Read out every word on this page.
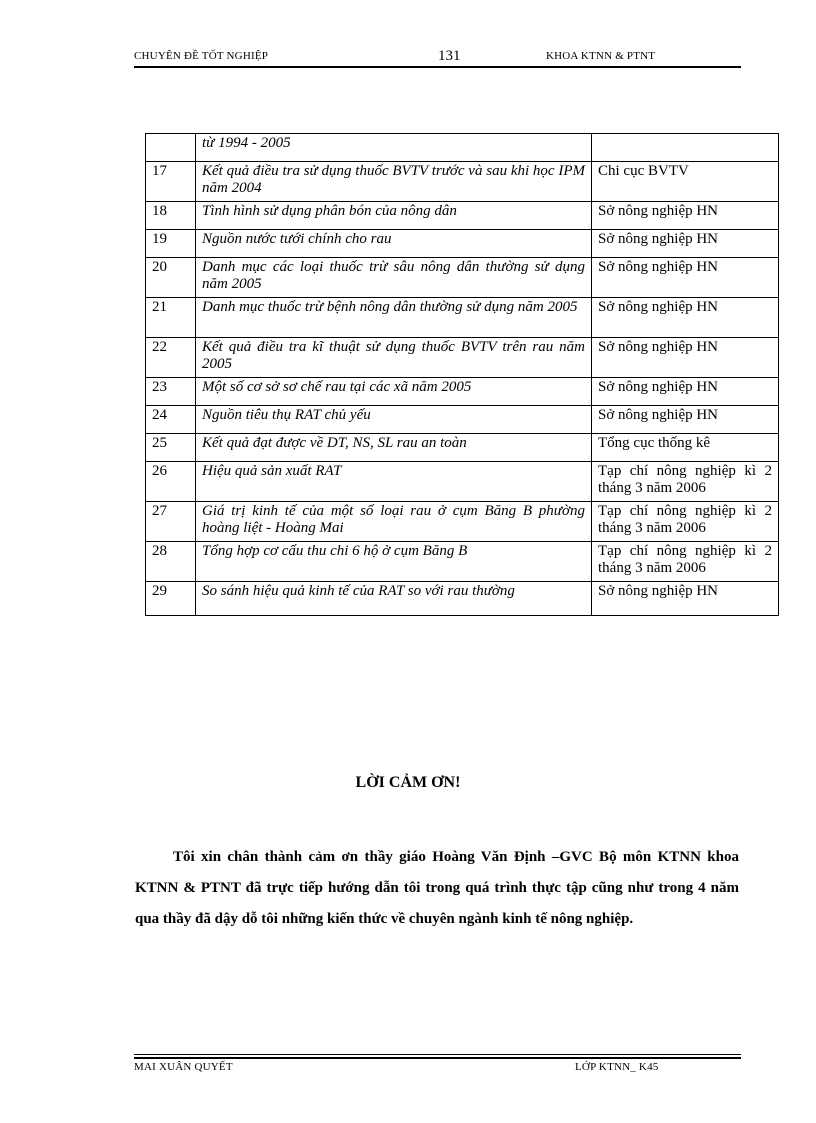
CHUYÊN ĐỀ TỐT NGHIỆP	131	KHOA KTNN & PTNT
	từ 1994 - 2005	
17	Kết quả điều tra sử dụng thuốc BVTV trước và sau khi học IPM năm 2004	Chi cục BVTV
18	Tình hình sử dụng phân bón của nông dân	Sở nông nghiệp HN
19	Nguồn nước tưới chính cho rau	Sở nông nghiệp HN
20	Danh mục các loại thuốc trừ sâu nông dân thường sử dụng năm 2005	Sở nông nghiệp HN
21	Danh mục thuốc trừ bệnh nông dân thường sử dụng năm 2005	Sở nông nghiệp HN
22	Kết quả điều tra kĩ thuật sử dụng thuốc BVTV trên rau năm 2005	Sở nông nghiệp HN
23	Một số cơ sở sơ chế rau tại các xã năm 2005	Sở nông nghiệp HN
24	Nguồn tiêu thụ RAT chủ yếu	Sở nông nghiệp HN
25	Kết quả đạt được về DT, NS, SL rau an toàn	Tổng cục thống kê
26	Hiệu quả sản xuất RAT	Tạp chí nông nghiệp kì 2 tháng 3 năm 2006
27	Giá trị kinh tế của một số loại rau ở cụm Băng B phường hoàng liệt - Hoàng Mai	Tạp chí nông nghiệp kì 2 tháng 3 năm 2006
28	Tổng hợp cơ cấu thu chi 6 hộ ở cụm Băng B	Tạp chí nông nghiệp kì 2 tháng 3 năm 2006
29	So sánh hiệu quả kinh tế của RAT so với rau thường	Sở nông nghiệp HN
LỜI CẢM ƠN!
Tôi xin chân thành cảm ơn thầy giáo Hoàng Văn Định –GVC Bộ môn KTNN khoa KTNN & PTNT đã trực tiếp hướng dẫn tôi trong quá trình thực tập cũng như trong 4 năm qua thầy đã dậy dỗ tôi những kiến thức về chuyên ngành kinh tế nông nghiệp.
MAI XUÂN QUYẾT	LỚP KTNN_ K45
